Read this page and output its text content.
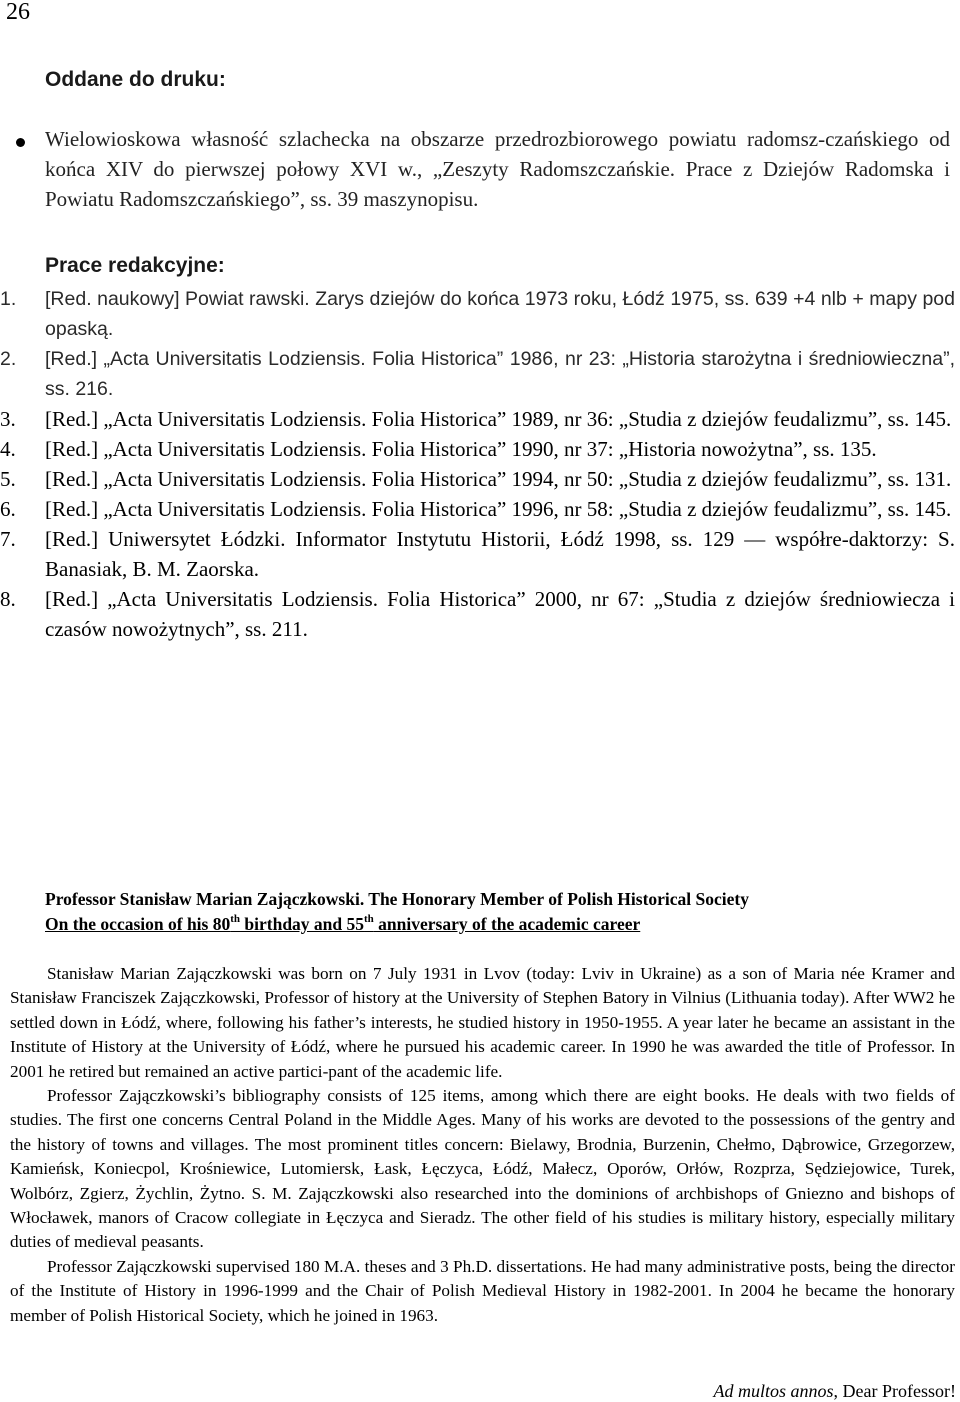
26
Oddane do druku:
Wielowioskowa własność szlachecka na obszarze przedrozbiorowego powiatu radomsz-czańskiego od końca XIV do pierwszej połowy XVI w., „Zeszyty Radomszczańskie. Prace z Dziejów Radomska i Powiatu Radomszczańskiego”, ss. 39 maszynopisu.
Prace redakcyjne:
1.	[Red. naukowy] Powiat rawski. Zarys dziejów do końca 1973 roku, Łódź 1975, ss. 639 +4 nlb + mapy pod opaską.
2.	[Red.] „Acta Universitatis Lodziensis. Folia Historica” 1986, nr 23: „Historia starożytna i średniowieczna”, ss. 216.
3.	[Red.] „Acta Universitatis Lodziensis. Folia Historica” 1989, nr 36: „Studia z dziejów feudalizmu”, ss. 145.
4.	[Red.] „Acta Universitatis Lodziensis. Folia Historica” 1990, nr 37: „Historia nowożytna”, ss. 135.
5.	[Red.] „Acta Universitatis Lodziensis. Folia Historica” 1994, nr 50: „Studia z dziejów feudalizmu”, ss. 131.
6.	[Red.] „Acta Universitatis Lodziensis. Folia Historica” 1996, nr 58: „Studia z dziejów feudalizmu”, ss. 145.
7.	[Red.] Uniwersytet Łódzki. Informator Instytutu Historii, Łódź 1998, ss. 129 — współre-daktorzy: S. Banasiak, B. M. Zaorska.
8.	[Red.] „Acta Universitatis Lodziensis. Folia Historica” 2000, nr 67: „Studia z dziejów średniowiecza i czasów nowożytnych”, ss. 211.
Professor Stanisław Marian Zajączkowski. The Honorary Member of Polish Historical Society
On the occasion of his 80th birthday and 55th anniversary of the academic career

Stanisław Marian Zajączkowski was born on 7 July 1931 in Lvov (today: Lviv in Ukraine) as a son of Maria née Kramer and Stanisław Franciszek Zajączkowski, Professor of history at the University of Stephen Batory in Vilnius (Lithuania today). After WW2 he settled down in Łódź, where, following his father’s interests, he studied history in 1950-1955. A year later he became an assistant in the Institute of History at the University of Łódź, where he pursued his academic career. In 1990 he was awarded the title of Professor. In 2001 he retired but remained an active partici-pant of the academic life.

Professor Zajączkowski’s bibliography consists of 125 items, among which there are eight books. He deals with two fields of studies. The first one concerns Central Poland in the Middle Ages. Many of his works are devoted to the possessions of the gentry and the history of towns and villages. The most prominent titles concern: Bielawy, Brodnia, Burzenin, Chełmo, Dąbrowice, Grzegorzew, Kamieńsk, Koniecpol, Krośniewice, Lutomiersk, Łask, Łęczyca, Łódź, Małecz, Oporów, Orłów, Rozprza, Sędziejowice, Turek, Wolbórz, Zgierz, Żychlin, Żytno. S. M. Zajączkowski also researched into the dominions of archbishops of Gniezno and bishops of Włocławek, manors of Cracow collegiate in Łęczyca and Sieradz. The other field of his studies is military history, especially military duties of medieval peasants.

Professor Zajączkowski supervised 180 M.A. theses and 3 Ph.D. dissertations. He had many administrative posts, being the director of the Institute of History in 1996-1999 and the Chair of Polish Medieval History in 1982-2001. In 2004 he became the honorary member of Polish Historical Society, which he joined in 1963.

Ad multos annos, Dear Professor!
